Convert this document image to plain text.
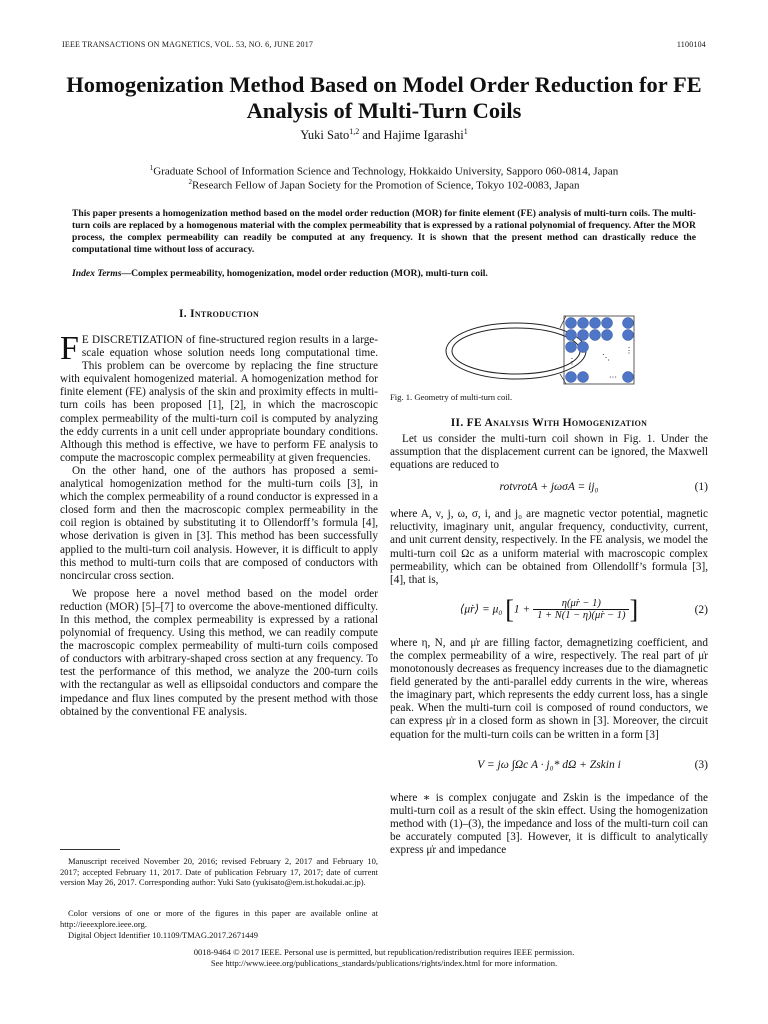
IEEE TRANSACTIONS ON MAGNETICS, VOL. 53, NO. 6, JUNE 2017	1100104
Homogenization Method Based on Model Order Reduction for FE Analysis of Multi-Turn Coils
Yuki Sato$^{1,2}$ and Hajime Igarashi$^1$
$^1$Graduate School of Information Science and Technology, Hokkaido University, Sapporo 060-0814, Japan
$^2$Research Fellow of Japan Society for the Promotion of Science, Tokyo 102-0083, Japan
This paper presents a homogenization method based on the model order reduction (MOR) for finite element (FE) analysis of multi-turn coils. The multi-turn coils are replaced by a homogenous material with the complex permeability that is expressed by a rational polynomial of frequency. After the MOR process, the complex permeability can readily be computed at any frequency. It is shown that the present method can drastically reduce the computational time without loss of accuracy.
Index Terms—Complex permeability, homogenization, model order reduction (MOR), multi-turn coil.
I. Introduction
F E DISCRETIZATION of fine-structured region results in a large-scale equation whose solution needs long computational time. This problem can be overcome by replacing the fine structure with equivalent homogenized material. A homogenization method for finite element (FE) analysis of the skin and proximity effects in multi-turn coils has been proposed [1], [2], in which the macroscopic complex permeability of the multi-turn coil is computed by analyzing the eddy currents in a unit cell under appropriate boundary conditions. Although this method is effective, we have to perform FE analysis to compute the macroscopic complex permeability at given frequencies.

On the other hand, one of the authors has proposed a semi-analytical homogenization method for the multi-turn coils [3], in which the complex permeability of a round conductor is expressed in a closed form and then the macroscopic complex permeability in the coil region is obtained by substituting it to Ollendorff’s formula [4], whose derivation is given in [3]. This method has been successfully applied to the multi-turn coil analysis. However, it is difficult to apply this method to multi-turn coils that are composed of conductors with noncircular cross section.

We propose here a novel method based on the model order reduction (MOR) [5]–[7] to overcome the above-mentioned difficulty. In this method, the complex permeability is expressed by a rational polynomial of frequency. Using this method, we can readily compute the macroscopic complex permeability of multi-turn coils composed of conductors with arbitrary-shaped cross section at any frequency. To test the performance of this method, we analyze the 200-turn coils with the rectangular as well as ellipsoidal conductors and compare the impedance and flux lines computed by the present method with those obtained by the conventional FE analysis.

Manuscript received November 20, 2016; revised February 2, 2017 and February 10, 2017; accepted February 11, 2017. Date of publication February 17, 2017; date of current version May 26, 2017. Corresponding author: Yuki Sato (yukisato@em.ist.hokudai.ac.jp).
Color versions of one or more of the figures in this paper are available online at http://ieeexplore.ieee.org.
Digital Object Identifier 10.1109/TMAG.2017.2671449
···
⋮	⋱
⋮
Fig. 1. Geometry of multi-turn coil.
II. FE Analysis With Homogenization

Let us consider the multi-turn coil shown in Fig. 1. Under the assumption that the displacement current can be ignored, the Maxwell equations are reduced to

rotνrotA + jωσA = ij₀	(1)

where A, ν, j, ω, σ, i, and j₀ are magnetic vector potential, magnetic reluctivity, imaginary unit, angular frequency, conductivity, current, and unit current density, respectively. In the FE analysis, we model the multi-turn coil Ωc as a uniform material with macroscopic complex permeability, which can be obtained from Ollendollf’s formula [3], [4], that is,

⟨μ̇r⟩ = μ₀ [$1 + \frac{\eta(\mu̇r - 1)}{1 + N(1 - \eta)(\mu̇r - 1)}$ ]	(2)

where η, N, and μ̇r are filling factor, demagnetizing coefficient, and the complex permeability of a wire, respectively. The real part of μ̇r monotonously decreases as frequency increases due to the diamagnetic field generated by the anti-parallel eddy currents in the wire, whereas the imaginary part, which represents the eddy current loss, has a single peak. When the multi-turn coil is composed of round conductors, we can express μ̇r in a closed form as shown in [3]. Moreover, the circuit equation for the multi-turn coils can be written in a form [3]

V = jω ∫Ωc A · j₀* dΩ + Zskin i	(3)

where ∗ is complex conjugate and Zskin is the impedance of the multi-turn coil as a result of the skin effect. Using the homogenization method with (1)–(3), the impedance and loss of the multi-turn coil can be accurately computed [3]. However, it is difficult to analytically express μ̇r and impedance

0018-9464 © 2017 IEEE. Personal use is permitted, but republication/redistribution requires IEEE permission.
See http://www.ieee.org/publications_standards/publications/rights/index.html for more information.
